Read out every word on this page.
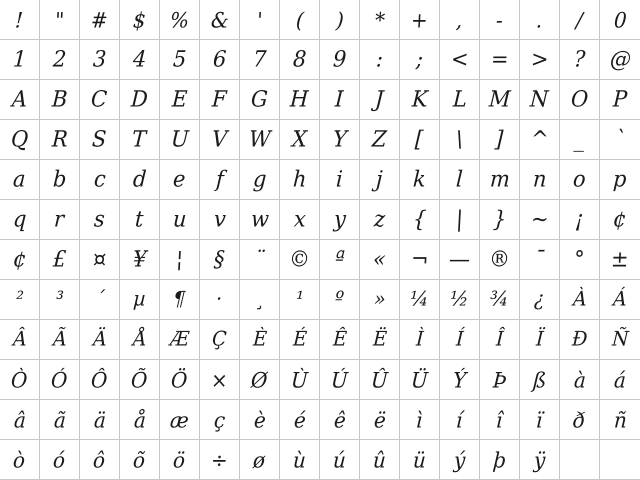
! " # $ % & ' ( ) * + , - . / 0
1 2 3 4 5 6 7 8 9 : ; < = > ? @
A B C D E F G H I J K L M N O P
Q R S T U V W X Y Z [ \ ] ^ _ `
a b c d e f g h i j k l m n o p
q r s t u v w x y z { | } ~ ¡ ¢
¢ £ ¤ ¥ ¦ § ¨ © ª « ¬ — ® ¯ ° ±
² ³ ´ µ ¶ · ¸ ¹ º » ¼ ½ ¾ ¿ À Á
Â Ã Ä Å Æ Ç È É Ê Ë Ì Í Î Ï Ð Ñ
Ò Ó Ô Õ Ö × Ø Ù Ú Û Ü Ý Þ ß à á
â ã ä å æ ç è é ê ë ì í î ï ð ñ
ò ó ô õ ö ÷ ø ù ú û ü ý þ ÿ
